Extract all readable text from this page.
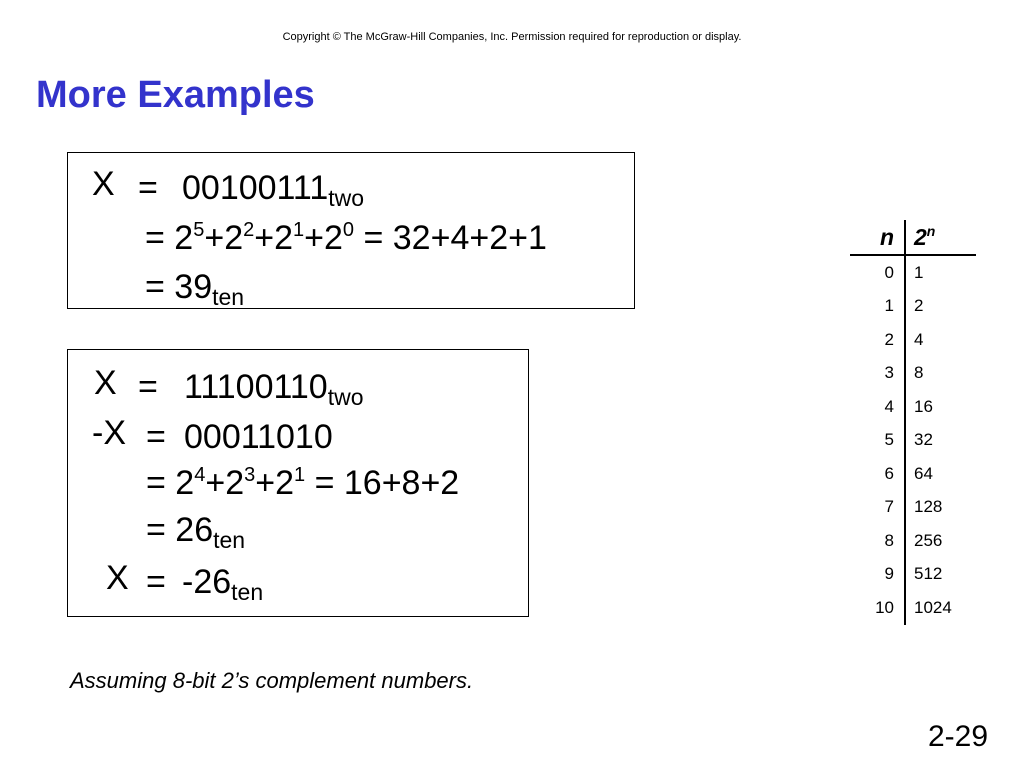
Copyright © The McGraw-Hill Companies, Inc. Permission required for reproduction or display.
More Examples
$X = 00100111_{two}$
= $2^5+2^2+2^1+2^0 = 32+4+2+1$
= $39_{ten}$
$X = 11100110_{two}$
-X = 00011010
= $2^4+2^3+2^1 = 16+8+2$
= $26_{ten}$
$X = -26_{ten}$
n	2$^n$
0	1
1	2
2	4
3	8
4	16
5	32
6	64
7	128
8	256
9	512
10	1024
Assuming 8-bit 2’s complement numbers.
2-29
